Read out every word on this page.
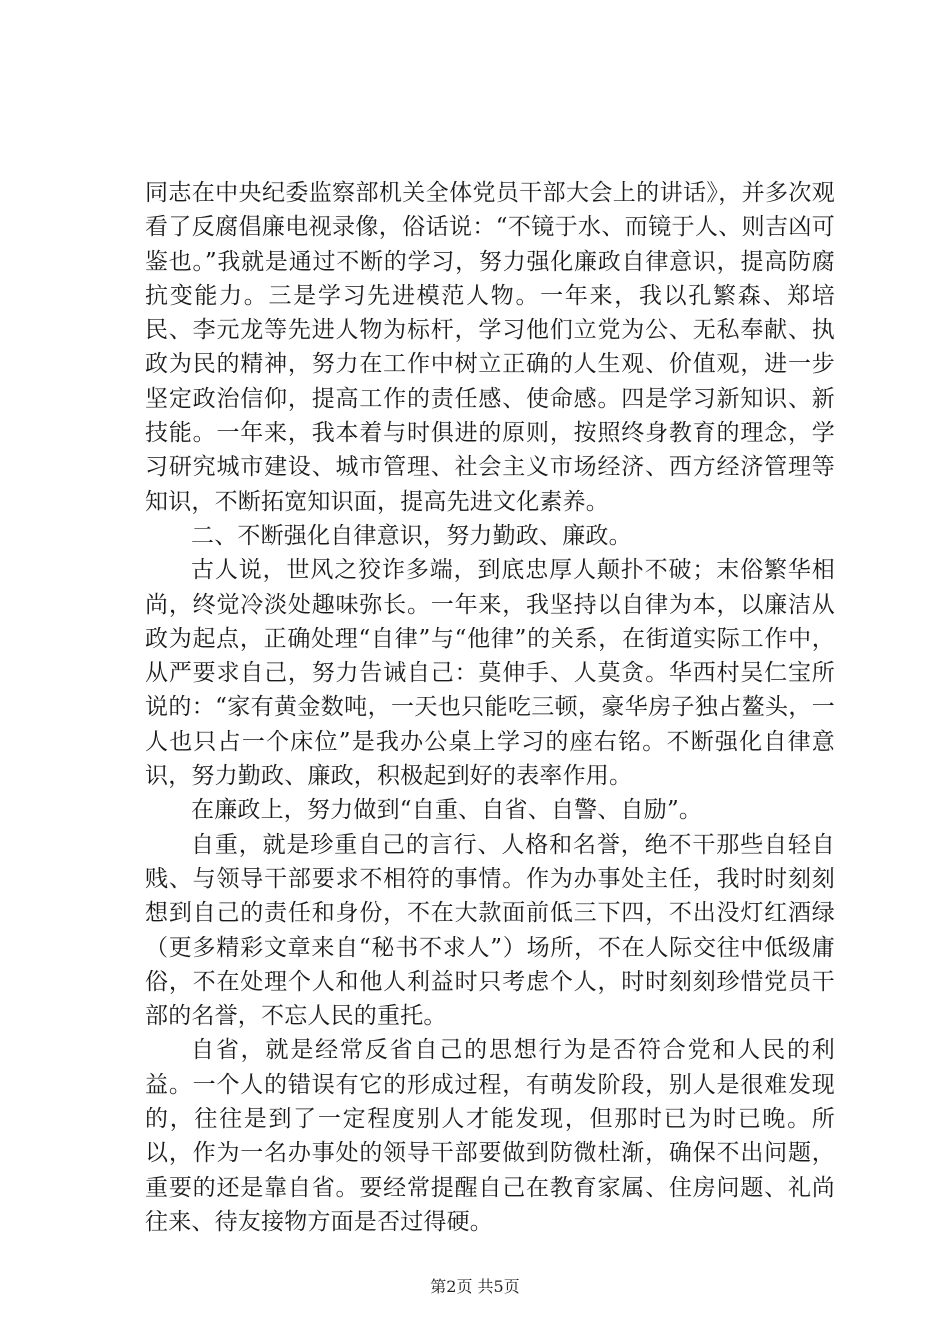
同志在中央纪委监察部机关全体党员干部大会上的讲话》，并多次观看了反腐倡廉电视录像，俗话说：“不镜于水、而镜于人、则吉凶可鉴也。”我就是通过不断的学习，努力强化廉政自律意识，提高防腐抗变能力。三是学习先进模范人物。一年来，我以孔繁森、郑培民、李元龙等先进人物为标杆，学习他们立党为公、无私奉献、执政为民的精神，努力在工作中树立正确的人生观、价值观，进一步坚定政治信仰，提高工作的责任感、使命感。四是学习新知识、新技能。一年来，我本着与时俱进的原则，按照终身教育的理念，学习研究城市建设、城市管理、社会主义市场经济、西方经济管理等知识，不断拓宽知识面，提高先进文化素养。

二、不断强化自律意识，努力勤政、廉政。

古人说，世风之狡诈多端，到底忠厚人颠扑不破；末俗繁华相尚，终觉冷淡处趣味弥长。一年来，我坚持以自律为本，以廉洁从政为起点，正确处理“自律”与“他律”的关系，在街道实际工作中，从严要求自己，努力告诫自己：莫伸手、人莫贪。华西村吴仁宝所说的：“家有黄金数吨，一天也只能吃三顿，豪华房子独占鳌头，一人也只占一个床位”是我办公桌上学习的座右铭。不断强化自律意识，努力勤政、廉政，积极起到好的表率作用。

在廉政上，努力做到“自重、自省、自警、自励”。

自重，就是珍重自己的言行、人格和名誉，绝不干那些自轻自贱、与领导干部要求不相符的事情。作为办事处主任，我时时刻刻想到自己的责任和身份，不在大款面前低三下四，不出没灯红酒绿（更多精彩文章来自“秘书不求人”）场所，不在人际交往中低级庸俗，不在处理个人和他人利益时只考虑个人，时时刻刻珍惜党员干部的名誉，不忘人民的重托。

自省，就是经常反省自己的思想行为是否符合党和人民的利益。一个人的错误有它的形成过程，有萌发阶段，别人是很难发现的，往往是到了一定程度别人才能发现，但那时已为时已晚。所以，作为一名办事处的领导干部要做到防微杜渐，确保不出问题，重要的还是靠自省。要经常提醒自己在教育家属、住房问题、礼尚往来、待友接物方面是否过得硬。

第2页 共5页
